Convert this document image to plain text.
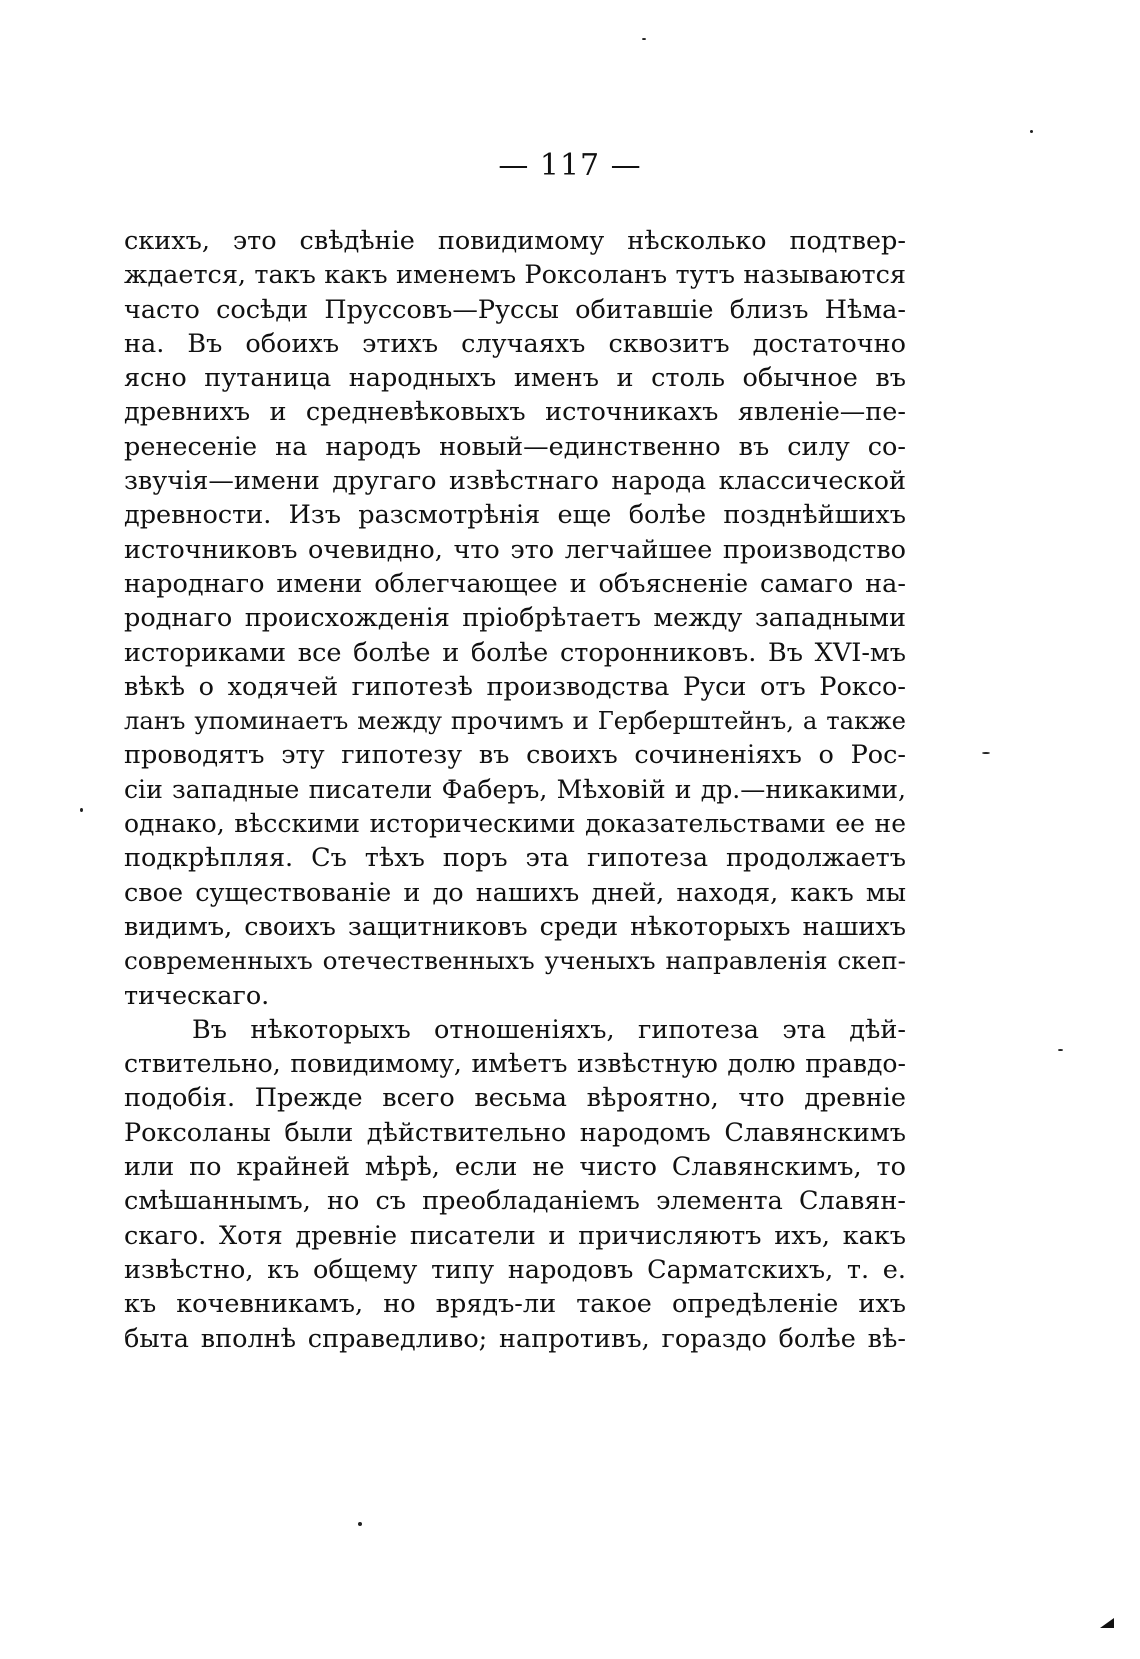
— 117 —
скихъ, это свѣдѣніе повидимому нѣсколько подтвер-
ждается, такъ какъ именемъ Роксоланъ тутъ называются
часто сосѣди Пруссовъ—Руссы обитавшіе близъ Нѣма-
на. Въ обоихъ этихъ случаяхъ сквозитъ достаточно
ясно путаница народныхъ именъ и столь обычное въ
древнихъ и средневѣковыхъ источникахъ явленіе—пе-
ренесеніе на народъ новый—единственно въ силу со-
звучія—имени другаго извѣстнаго народа классической
древности. Изъ разсмотрѣнія еще болѣе позднѣйшихъ
источниковъ очевидно, что это легчайшее производство
народнаго имени облегчающее и объясненіе самаго на-
роднаго происхожденія пріобрѣтаетъ между западными
историками все болѣе и болѣе сторонниковъ. Въ XVI-мъ
вѣкѣ о ходячей гипотезѣ производства Руси отъ Роксо-
ланъ упоминаетъ между прочимъ и Герберштейнъ, а также
проводятъ эту гипотезу въ своихъ сочиненіяхъ о Рос-
сіи западные писатели Фаберъ, Мѣховій и др.—никакими,
однако, вѣсскими историческими доказательствами ее не
подкрѣпляя. Съ тѣхъ поръ эта гипотеза продолжаетъ
свое существованіе и до нашихъ дней, находя, какъ мы
видимъ, своихъ защитниковъ среди нѣкоторыхъ нашихъ
современныхъ отечественныхъ ученыхъ направленія скеп-
тическаго.
Въ нѣкоторыхъ отношеніяхъ, гипотеза эта дѣй-
ствительно, повидимому, имѣетъ извѣстную долю правдо-
подобія. Прежде всего весьма вѣроятно, что древніе
Роксоланы были дѣйствительно народомъ Славянскимъ
или по крайней мѣрѣ, если не чисто Славянскимъ, то
смѣшаннымъ, но съ преобладаніемъ элемента Славян-
скаго. Хотя древніе писатели и причисляютъ ихъ, какъ
извѣстно, къ общему типу народовъ Сарматскихъ, т. е.
къ кочевникамъ, но врядъ-ли такое опредѣленіе ихъ
быта вполнѣ справедливо; напротивъ, гораздо болѣе вѣ-
